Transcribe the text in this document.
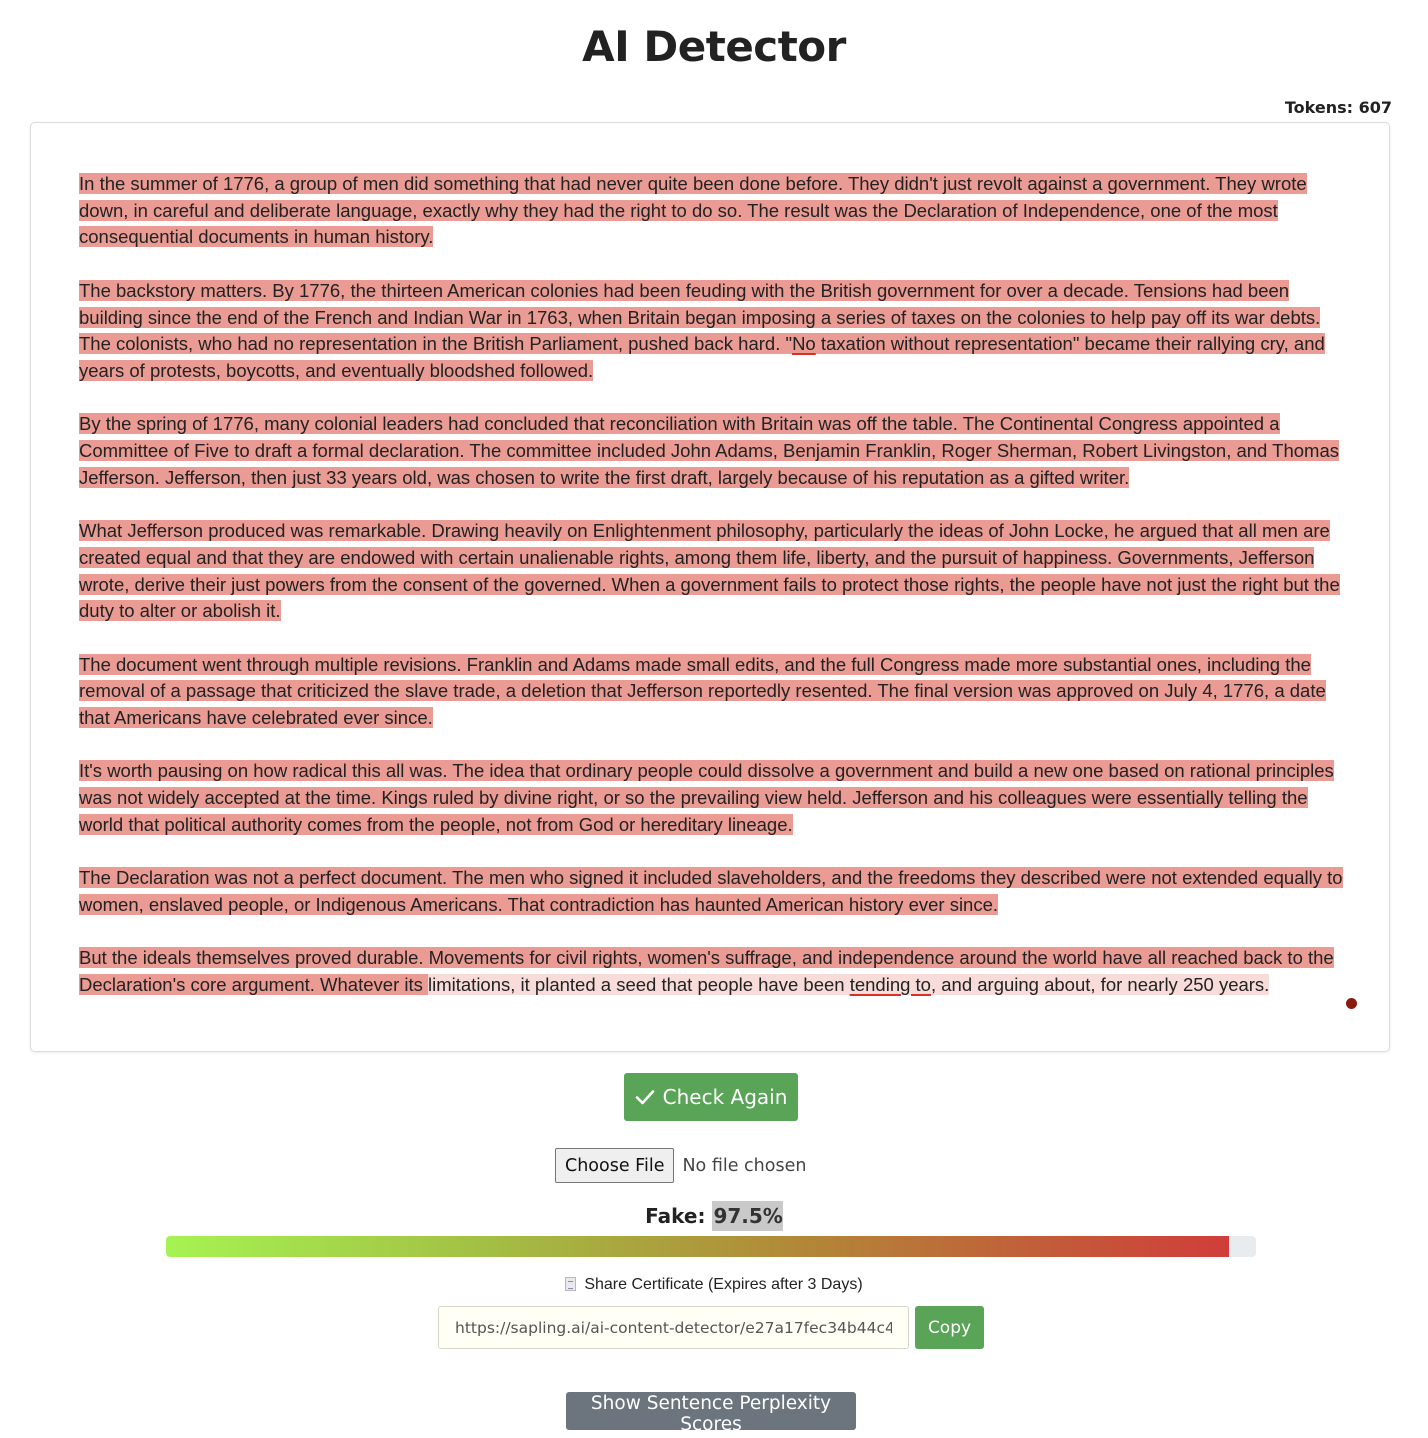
AI Detector
Tokens: 607

In the summer of 1776, a group of men did something that had never quite been done before. They didn't just revolt against a government. They wrote down, in careful and deliberate language, exactly why they had the right to do so. The result was the Declaration of Independence, one of the most consequential documents in human history.

The backstory matters. By 1776, the thirteen American colonies had been feuding with the British government for over a decade. Tensions had been building since the end of the French and Indian War in 1763, when Britain began imposing a series of taxes on the colonies to help pay off its war debts. The colonists, who had no representation in the British Parliament, pushed back hard. "No taxation without representation" became their rallying cry, and years of protests, boycotts, and eventually bloodshed followed.

By the spring of 1776, many colonial leaders had concluded that reconciliation with Britain was off the table. The Continental Congress appointed a Committee of Five to draft a formal declaration. The committee included John Adams, Benjamin Franklin, Roger Sherman, Robert Livingston, and Thomas Jefferson. Jefferson, then just 33 years old, was chosen to write the first draft, largely because of his reputation as a gifted writer.

What Jefferson produced was remarkable. Drawing heavily on Enlightenment philosophy, particularly the ideas of John Locke, he argued that all men are created equal and that they are endowed with certain unalienable rights, among them life, liberty, and the pursuit of happiness. Governments, Jefferson wrote, derive their just powers from the consent of the governed. When a government fails to protect those rights, the people have not just the right but the duty to alter or abolish it.

The document went through multiple revisions. Franklin and Adams made small edits, and the full Congress made more substantial ones, including the removal of a passage that criticized the slave trade, a deletion that Jefferson reportedly resented. The final version was approved on July 4, 1776, a date that Americans have celebrated ever since.

It's worth pausing on how radical this all was. The idea that ordinary people could dissolve a government and build a new one based on rational principles was not widely accepted at the time. Kings ruled by divine right, or so the prevailing view held. Jefferson and his colleagues were essentially telling the world that political authority comes from the people, not from God or hereditary lineage.

The Declaration was not a perfect document. The men who signed it included slaveholders, and the freedoms they described were not extended equally to women, enslaved people, or Indigenous Americans. That contradiction has haunted American history ever since.

But the ideals themselves proved durable. Movements for civil rights, women's suffrage, and independence around the world have all reached back to the Declaration's core argument. Whatever its limitations, it planted a seed that people have been tending to, and arguing about, for nearly 250 years.

Check Again
Choose File	No file chosen
Fake: 97.5%
Share Certificate (Expires after 3 Days)
https://sapling.ai/ai-content-detector/e27a17fec34b44c46b04
Copy
Show Sentence Perplexity Scores
